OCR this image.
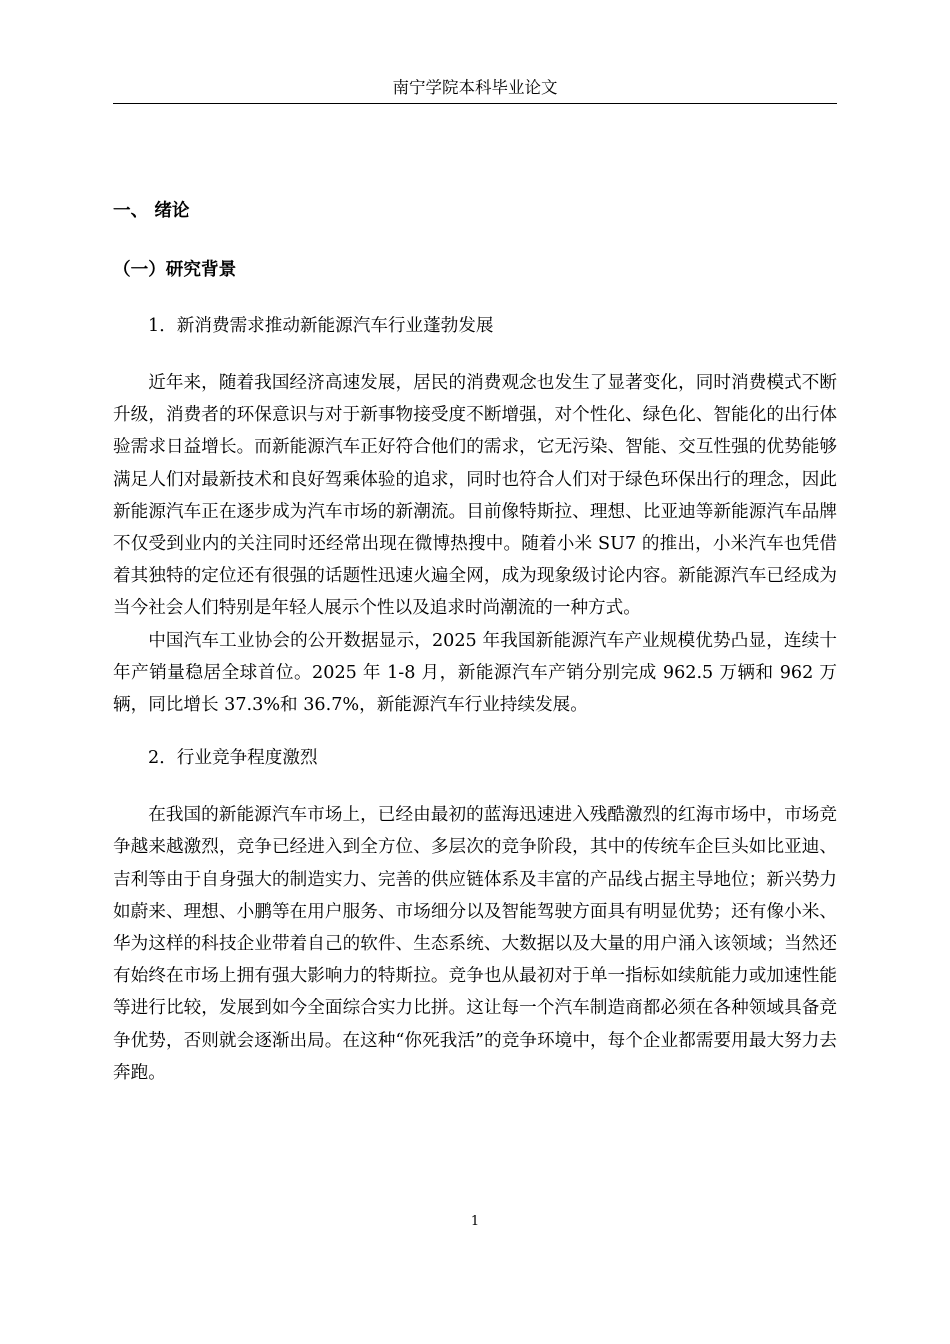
南宁学院本科毕业论文
一、 绪论
（一）研究背景
1．新消费需求推动新能源汽车行业蓬勃发展

近年来，随着我国经济高速发展，居民的消费观念也发生了显著变化，同时消费模式不断升级，消费者的环保意识与对于新事物接受度不断增强，对个性化、绿色化、智能化的出行体验需求日益增长。而新能源汽车正好符合他们的需求，它无污染、智能、交互性强的优势能够满足人们对最新技术和良好驾乘体验的追求，同时也符合人们对于绿色环保出行的理念，因此新能源汽车正在逐步成为汽车市场的新潮流。目前像特斯拉、理想、比亚迪等新能源汽车品牌不仅受到业内的关注同时还经常出现在微博热搜中。随着小米 SU7 的推出，小米汽车也凭借着其独特的定位还有很强的话题性迅速火遍全网，成为现象级讨论内容。新能源汽车已经成为当今社会人们特别是年轻人展示个性以及追求时尚潮流的一种方式。

中国汽车工业协会的公开数据显示，2025 年我国新能源汽车产业规模优势凸显，连续十年产销量稳居全球首位。2025 年 1-8 月，新能源汽车产销分别完成 962.5 万辆和 962 万辆，同比增长 37.3%和 36.7%，新能源汽车行业持续发展。

2．行业竞争程度激烈

在我国的新能源汽车市场上，已经由最初的蓝海迅速进入残酷激烈的红海市场中，市场竞争越来越激烈，竞争已经进入到全方位、多层次的竞争阶段，其中的传统车企巨头如比亚迪、吉利等由于自身强大的制造实力、完善的供应链体系及丰富的产品线占据主导地位；新兴势力如蔚来、理想、小鹏等在用户服务、市场细分以及智能驾驶方面具有明显优势；还有像小米、华为这样的科技企业带着自己的软件、生态系统、大数据以及大量的用户涌入该领域；当然还有始终在市场上拥有强大影响力的特斯拉。竞争也从最初对于单一指标如续航能力或加速性能等进行比较，发展到如今全面综合实力比拼。这让每一个汽车制造商都必须在各种领域具备竞争优势，否则就会逐渐出局。在这种“你死我活”的竞争环境中，每个企业都需要用最大努力去奔跑。

1
